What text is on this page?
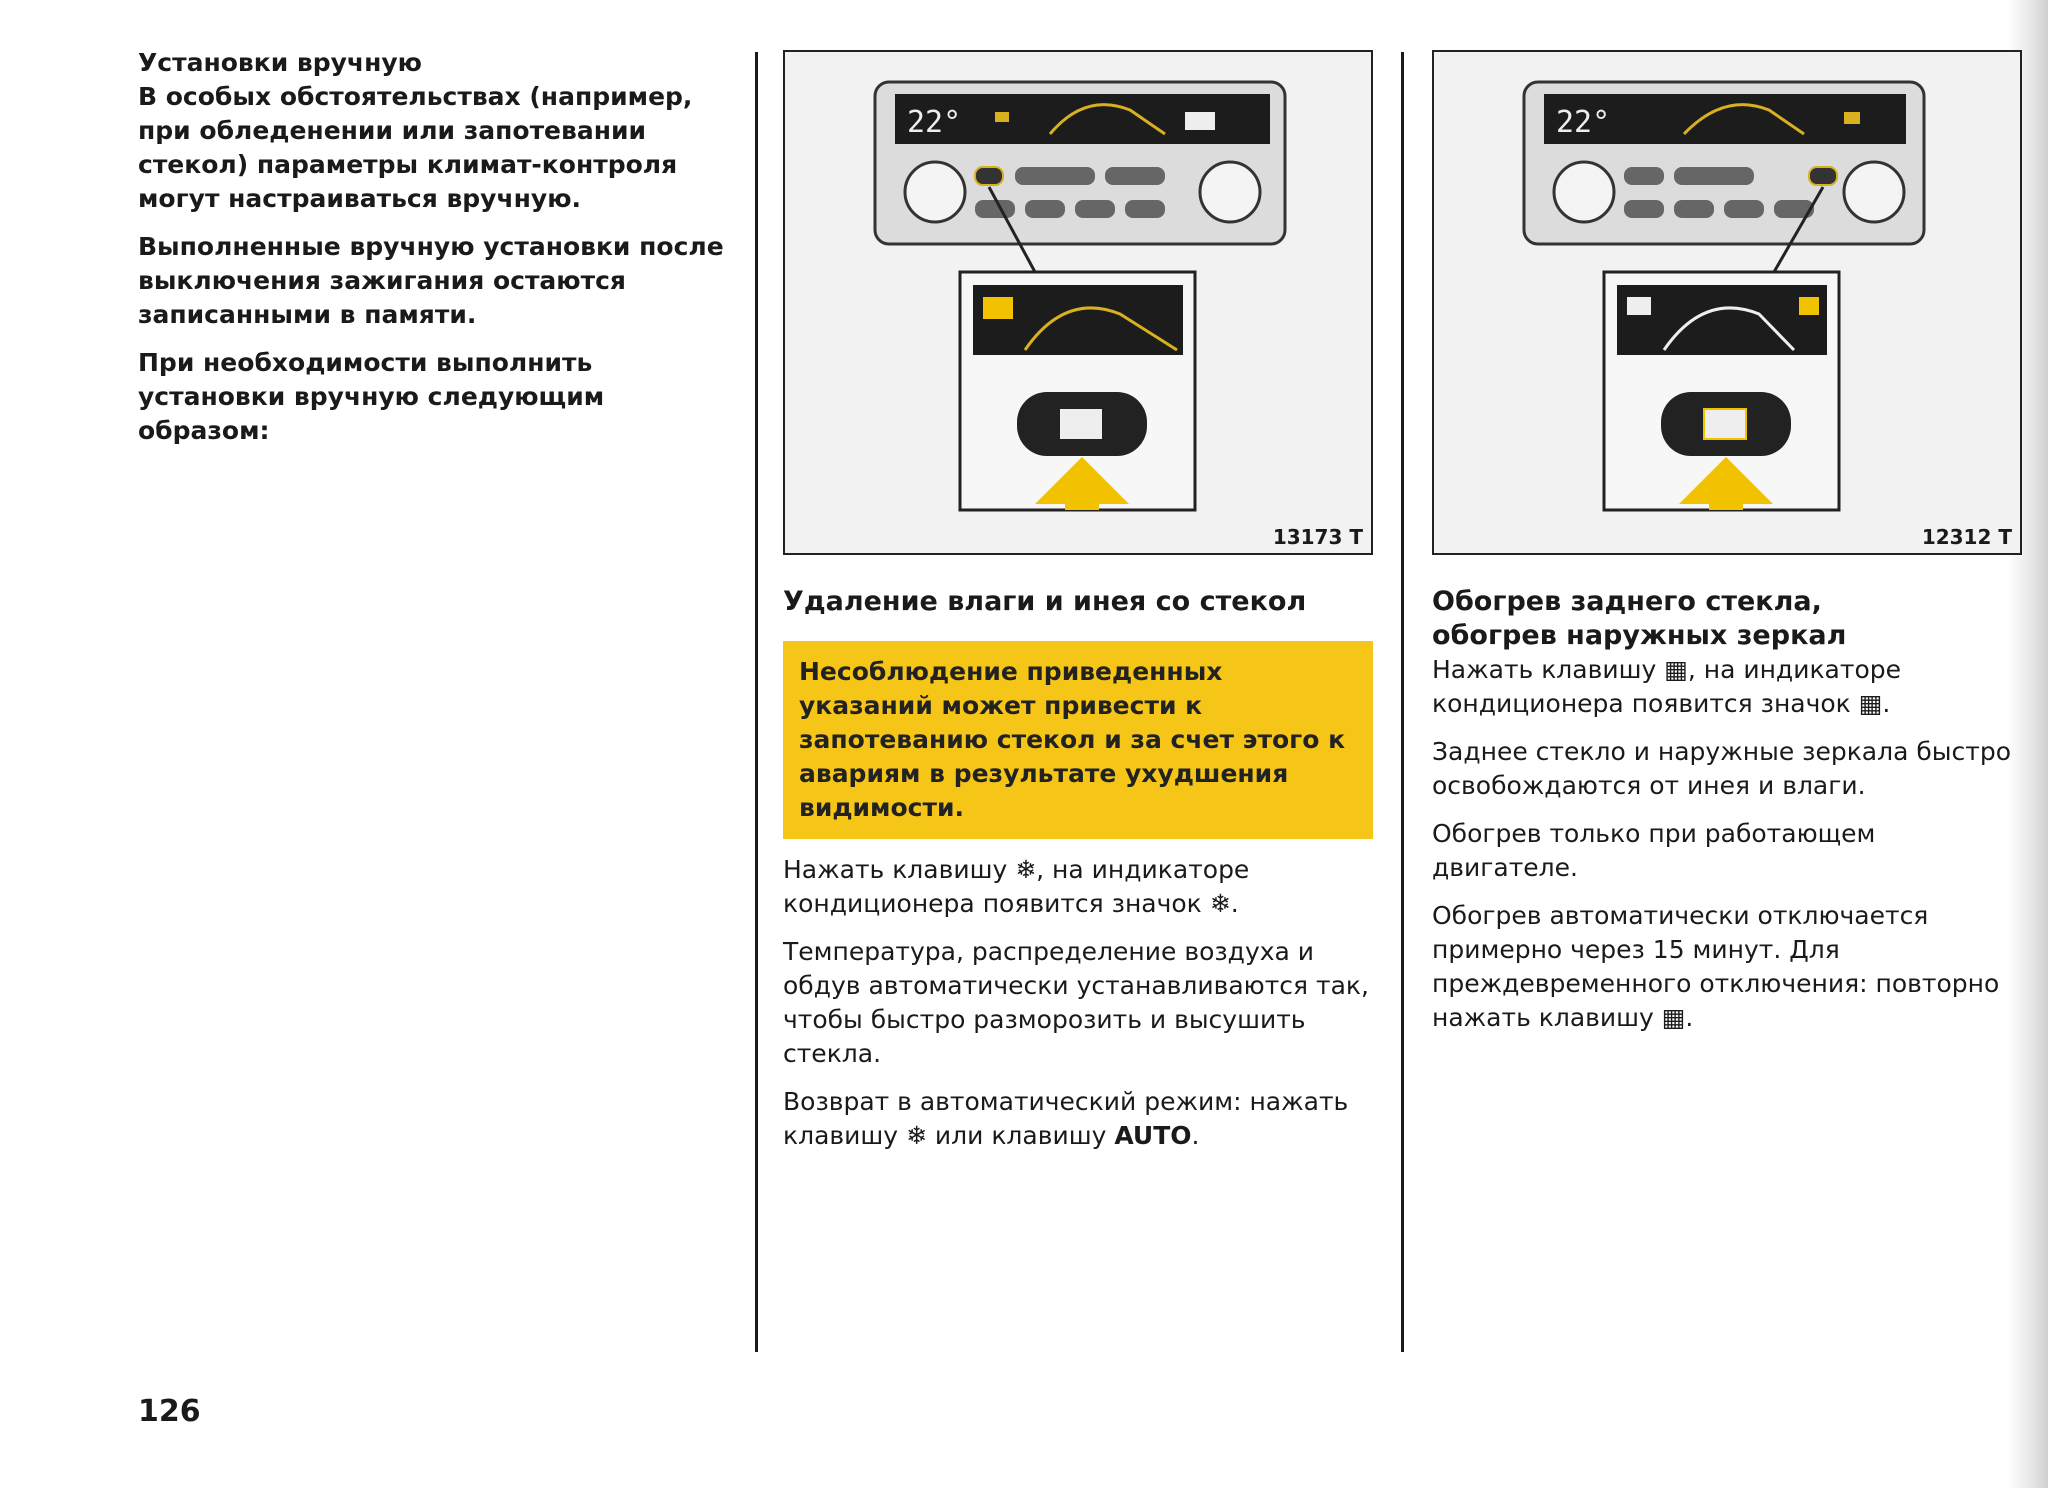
Установки вручную

В особых обстоятельствах (например, при обледенении или запотевании стекол) параметры климат-контроля могут настраиваться вручную.

Выполненные вручную установки после выключения зажигания остаются записанными в памяти.

При необходимости выполнить установки вручную следующим образом:

22°
13173 T
Удаление влаги и инея со стекол
Несоблюдение приведенных указаний может привести к запотеванию стекол и за счет этого к авариям в результате ухудшения видимости.

Нажать клавишу ❄, на индикаторе кондиционера появится значок ❄.

Температура, распределение воздуха и обдув автоматически устанавливаются так, чтобы быстро разморозить и высушить стекла.

Возврат в автоматический режим: нажать клавишу ❄ или клавишу AUTO.

22°
12312 T
Обогрев заднего стекла,
обогрев наружных зеркал

Нажать клавишу ▦, на индикаторе кондиционера появится значок ▦.

Заднее стекло и наружные зеркала быстро освобождаются от инея и влаги.

Обогрев только при работающем двигателе.

Обогрев автоматически отключается примерно через 15 минут. Для преждевременного отключения: повторно нажать клавишу ▦.

126
